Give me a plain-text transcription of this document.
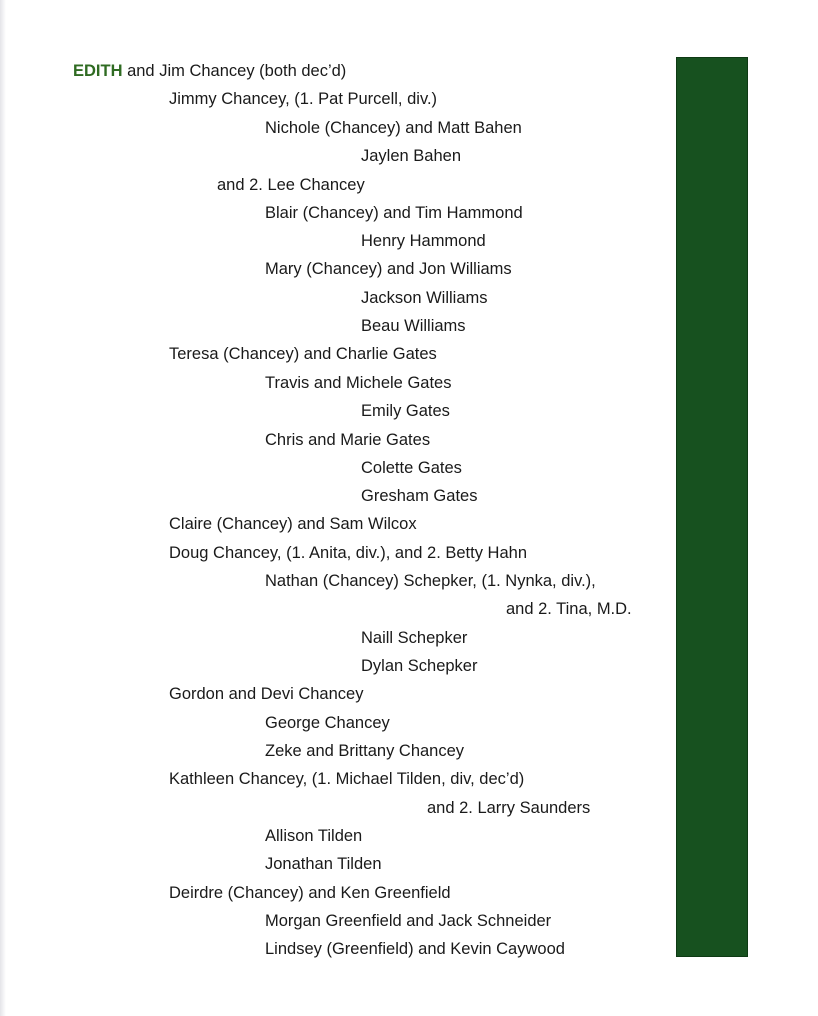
EDITH and Jim Chancey (both dec’d)
Jimmy Chancey, (1. Pat Purcell, div.)
Nichole (Chancey) and Matt Bahen
Jaylen Bahen
and 2. Lee Chancey
Blair (Chancey) and Tim Hammond
Henry Hammond
Mary (Chancey) and Jon Williams
Jackson Williams
Beau Williams
Teresa (Chancey) and Charlie Gates
Travis and Michele Gates
Emily Gates
Chris and Marie Gates
Colette Gates
Gresham Gates
Claire (Chancey) and Sam Wilcox
Doug Chancey, (1. Anita, div.), and 2. Betty Hahn
Nathan (Chancey) Schepker, (1. Nynka, div.),
and 2. Tina, M.D.
Naill Schepker
Dylan Schepker
Gordon and Devi Chancey
George Chancey
Zeke and Brittany Chancey
Kathleen Chancey, (1. Michael Tilden, div, dec’d)
and 2. Larry Saunders
Allison Tilden
Jonathan Tilden
Deirdre (Chancey) and Ken Greenfield
Morgan Greenfield and Jack Schneider
Lindsey (Greenfield) and Kevin Caywood
